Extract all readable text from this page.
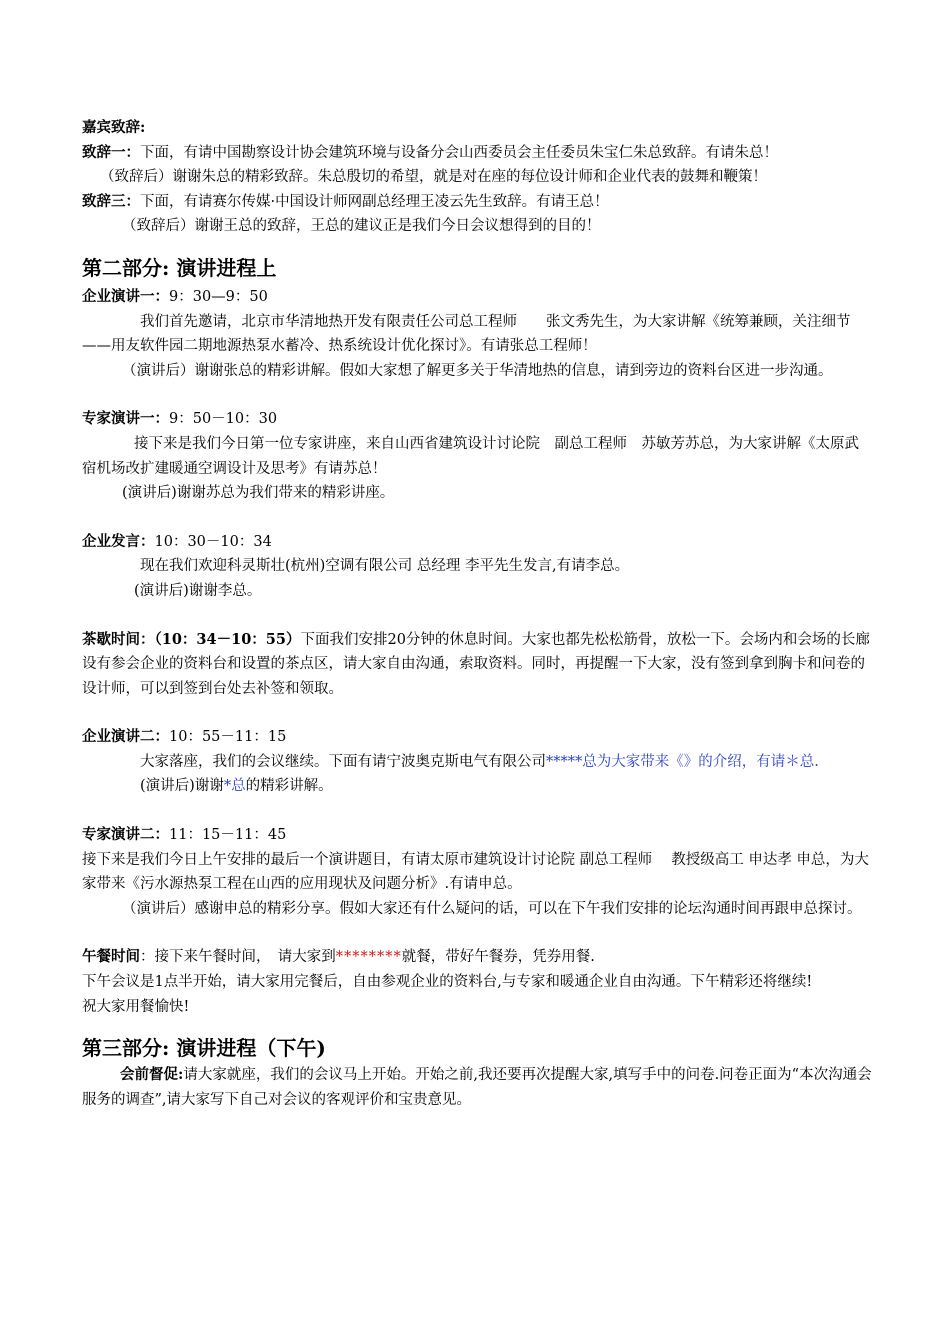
嘉宾致辞:

致辞一：下面，有请中国勘察设计协会建筑环境与设备分会山西委员会主任委员朱宝仁朱总致辞。有请朱总！

（致辞后）谢谢朱总的精彩致辞。朱总殷切的希望，就是对在座的每位设计师和企业代表的鼓舞和鞭策！

致辞三：下面，有请赛尔传媒·中国设计师网副总经理王凌云先生致辞。有请王总！

（致辞后）谢谢王总的致辞，王总的建议正是我们今日会议想得到的目的！

第二部分: 演讲进程上

企业演讲一：9：30—9：50

我们首先邀请，北京市华清地热开发有限责任公司总工程师　　张文秀先生，为大家讲解《统筹兼顾，关注细节——用友软件园二期地源热泵水蓄冷、热系统设计优化探讨》。有请张总工程师！

（演讲后）谢谢张总的精彩讲解。假如大家想了解更多关于华清地热的信息，请到旁边的资料台区进一步沟通。

专家演讲一：9：50－10：30

接下来是我们今日第一位专家讲座，来自山西省建筑设计讨论院　副总工程师　苏敏芳苏总，为大家讲解《太原武宿机场改扩建暖通空调设计及思考》有请苏总！

(演讲后)谢谢苏总为我们带来的精彩讲座。

企业发言：10：30－10：34

现在我们欢迎科灵斯壮(杭州)空调有限公司 总经理 李平先生发言,有请李总。

(演讲后)谢谢李总。

茶歇时间：（10：34－10：55）下面我们安排20分钟的休息时间。大家也都先松松筋骨，放松一下。会场内和会场的长廊设有参会企业的资料台和设置的茶点区，请大家自由沟通，索取资料。同时，再提醒一下大家，没有签到拿到胸卡和问卷的设计师，可以到签到台处去补签和领取。

企业演讲二：10：55－11：15

大家落座，我们的会议继续。下面有请宁波奥克斯电气有限公司*****总为大家带来《》的介绍，有请＊总.

(演讲后)谢谢*总的精彩讲解。

专家演讲二：11：15－11：45

接下来是我们今日上午安排的最后一个演讲题目，有请太原市建筑设计讨论院 副总工程师　 教授级高工 申达孝 申总，为大家带来《污水源热泵工程在山西的应用现状及问题分析》.有请申总。

（演讲后）感谢申总的精彩分享。假如大家还有什么疑问的话，可以在下午我们安排的论坛沟通时间再跟申总探讨。

午餐时间：接下来午餐时间，　请大家到********就餐，带好午餐券，凭券用餐.

下午会议是1点半开始，请大家用完餐后，自由参观企业的资料台,与专家和暖通企业自由沟通。下午精彩还将继续!

祝大家用餐愉快!

第三部分: 演讲进程（下午)

会前督促:请大家就座，我们的会议马上开始。开始之前,我还要再次提醒大家,填写手中的问卷.问卷正面为“本次沟通会服务的调查”,请大家写下自己对会议的客观评价和宝贵意见。
